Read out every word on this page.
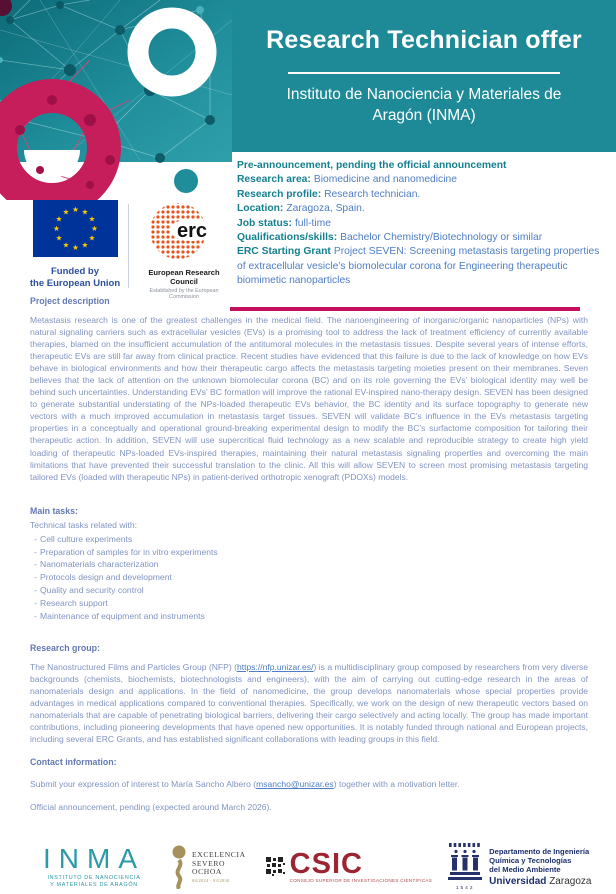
Research Technician offer
Instituto de Nanociencia y Materiales de Aragón (INMA)
★ ★
★
★
★
★
★
★
★
★
★
★
Funded by
the European Union
erc
European Research Council
Established by the European Commission
Pre-announcement, pending the official announcement
Research area: Biomedicine and nanomedicine
Research profile: Research technician.
Location: Zaragoza, Spain.
Job status: full-time
Qualifications/skills: Bachelor Chemistry/Biotechnology or similar
ERC Starting Grant Project SEVEN: Screening metastasis targeting properties of extracellular vesicle’s biomolecular corona for Engineering therapeutic biomimetic nanoparticles
Project description

Metastasis research is one of the greatest challenges in the medical field. The nanoengineering of inorganic/organic nanoparticles (NPs) with natural signaling carriers such as extracellular vesicles (EVs) is a promising tool to address the lack of treatment efficiency of currently available therapies, blamed on the insufficient accumulation of the antitumoral molecules in the metastasis tissues. Despite several years of intense efforts, therapeutic EVs are still far away from clinical practice. Recent studies have evidenced that this failure is due to the lack of knowledge on how EVs behave in biological environments and how their therapeutic cargo affects the metastasis targeting moieties present on their membranes. Seven believes that the lack of attention on the unknown biomolecular corona (BC) and on its role governing the EVs’ biological identity may well be behind such uncertainties. Understanding EVs’ BC formation will improve the rational EV-inspired nano-therapy design. SEVEN has been designed to generate substantial understating of the NPs-loaded therapeutic EVs behavior, the BC identity and its surface topography to generate new vectors with a much improved accumulation in metastasis target tissues. SEVEN will validate BC’s influence in the EVs metastasis targeting properties in a conceptually and operational ground-breaking experimental design to modify the BC’s surfactome composition for tailoring their therapeutic action. In addition, SEVEN will use supercritical fluid technology as a new scalable and reproducible strategy to create high yield loading of therapeutic NPs-loaded EVs-inspired therapies, maintaining their natural metastasis signaling properties and overcoming the main limitations that have prevented their successful translation to the clinic. All this will allow SEVEN to screen most promising metastasis targeting tailored EVs (loaded with therapeutic NPs) in patient-derived orthotropic xenograft (PDOXs) models.

Main tasks:

Technical tasks related with:

- Cell culture experiments
- Preparation of samples for in vitro experiments
- Nanomaterials characterization
- Protocols design and development
- Quality and security control
- Research support
- Maintenance of equipment and instruments
Research group:

The Nanostructured Films and Particles Group (NFP) (https://nfp.unizar.es/) is a multidisciplinary group composed by researchers from very diverse backgrounds (chemists, biochemists, biotechnologists and engineers), with the aim of carrying out cutting-edge research in the areas of nanomaterials design and applications. In the field of nanomedicine, the group develops nanomaterials whose special properties provide advantages in medical applications compared to conventional therapies. Specifically, we work on the design of new therapeutic vectors based on nanomaterials that are capable of penetrating biological barriers, delivering their cargo selectively and acting locally. The group has made important contributions, including pioneering developments that have opened new opportunities. It is notably funded through national and European projects, including several ERC Grants, and has established significant collaborations with leading groups in this field.

Contact information:

Submit your expression of interest to María Sancho Albero (msancho@unizar.es) together with a motivation letter.

Official announcement, pending (expected around March 2026).

INMA
INSTITUTO DE NANOCIENCIA
Y MATERIALES DE ARAGÓN
EXCELENCIA
SEVERO
OCHOA
04/2024 - 03/2030
CSIC
CONSEJO SUPERIOR DE INVESTIGACIONES CIENTÍFICAS
1542
Departamento de Ingeniería
Química y Tecnologías
del Medio Ambiente
Universidad Zaragoza
